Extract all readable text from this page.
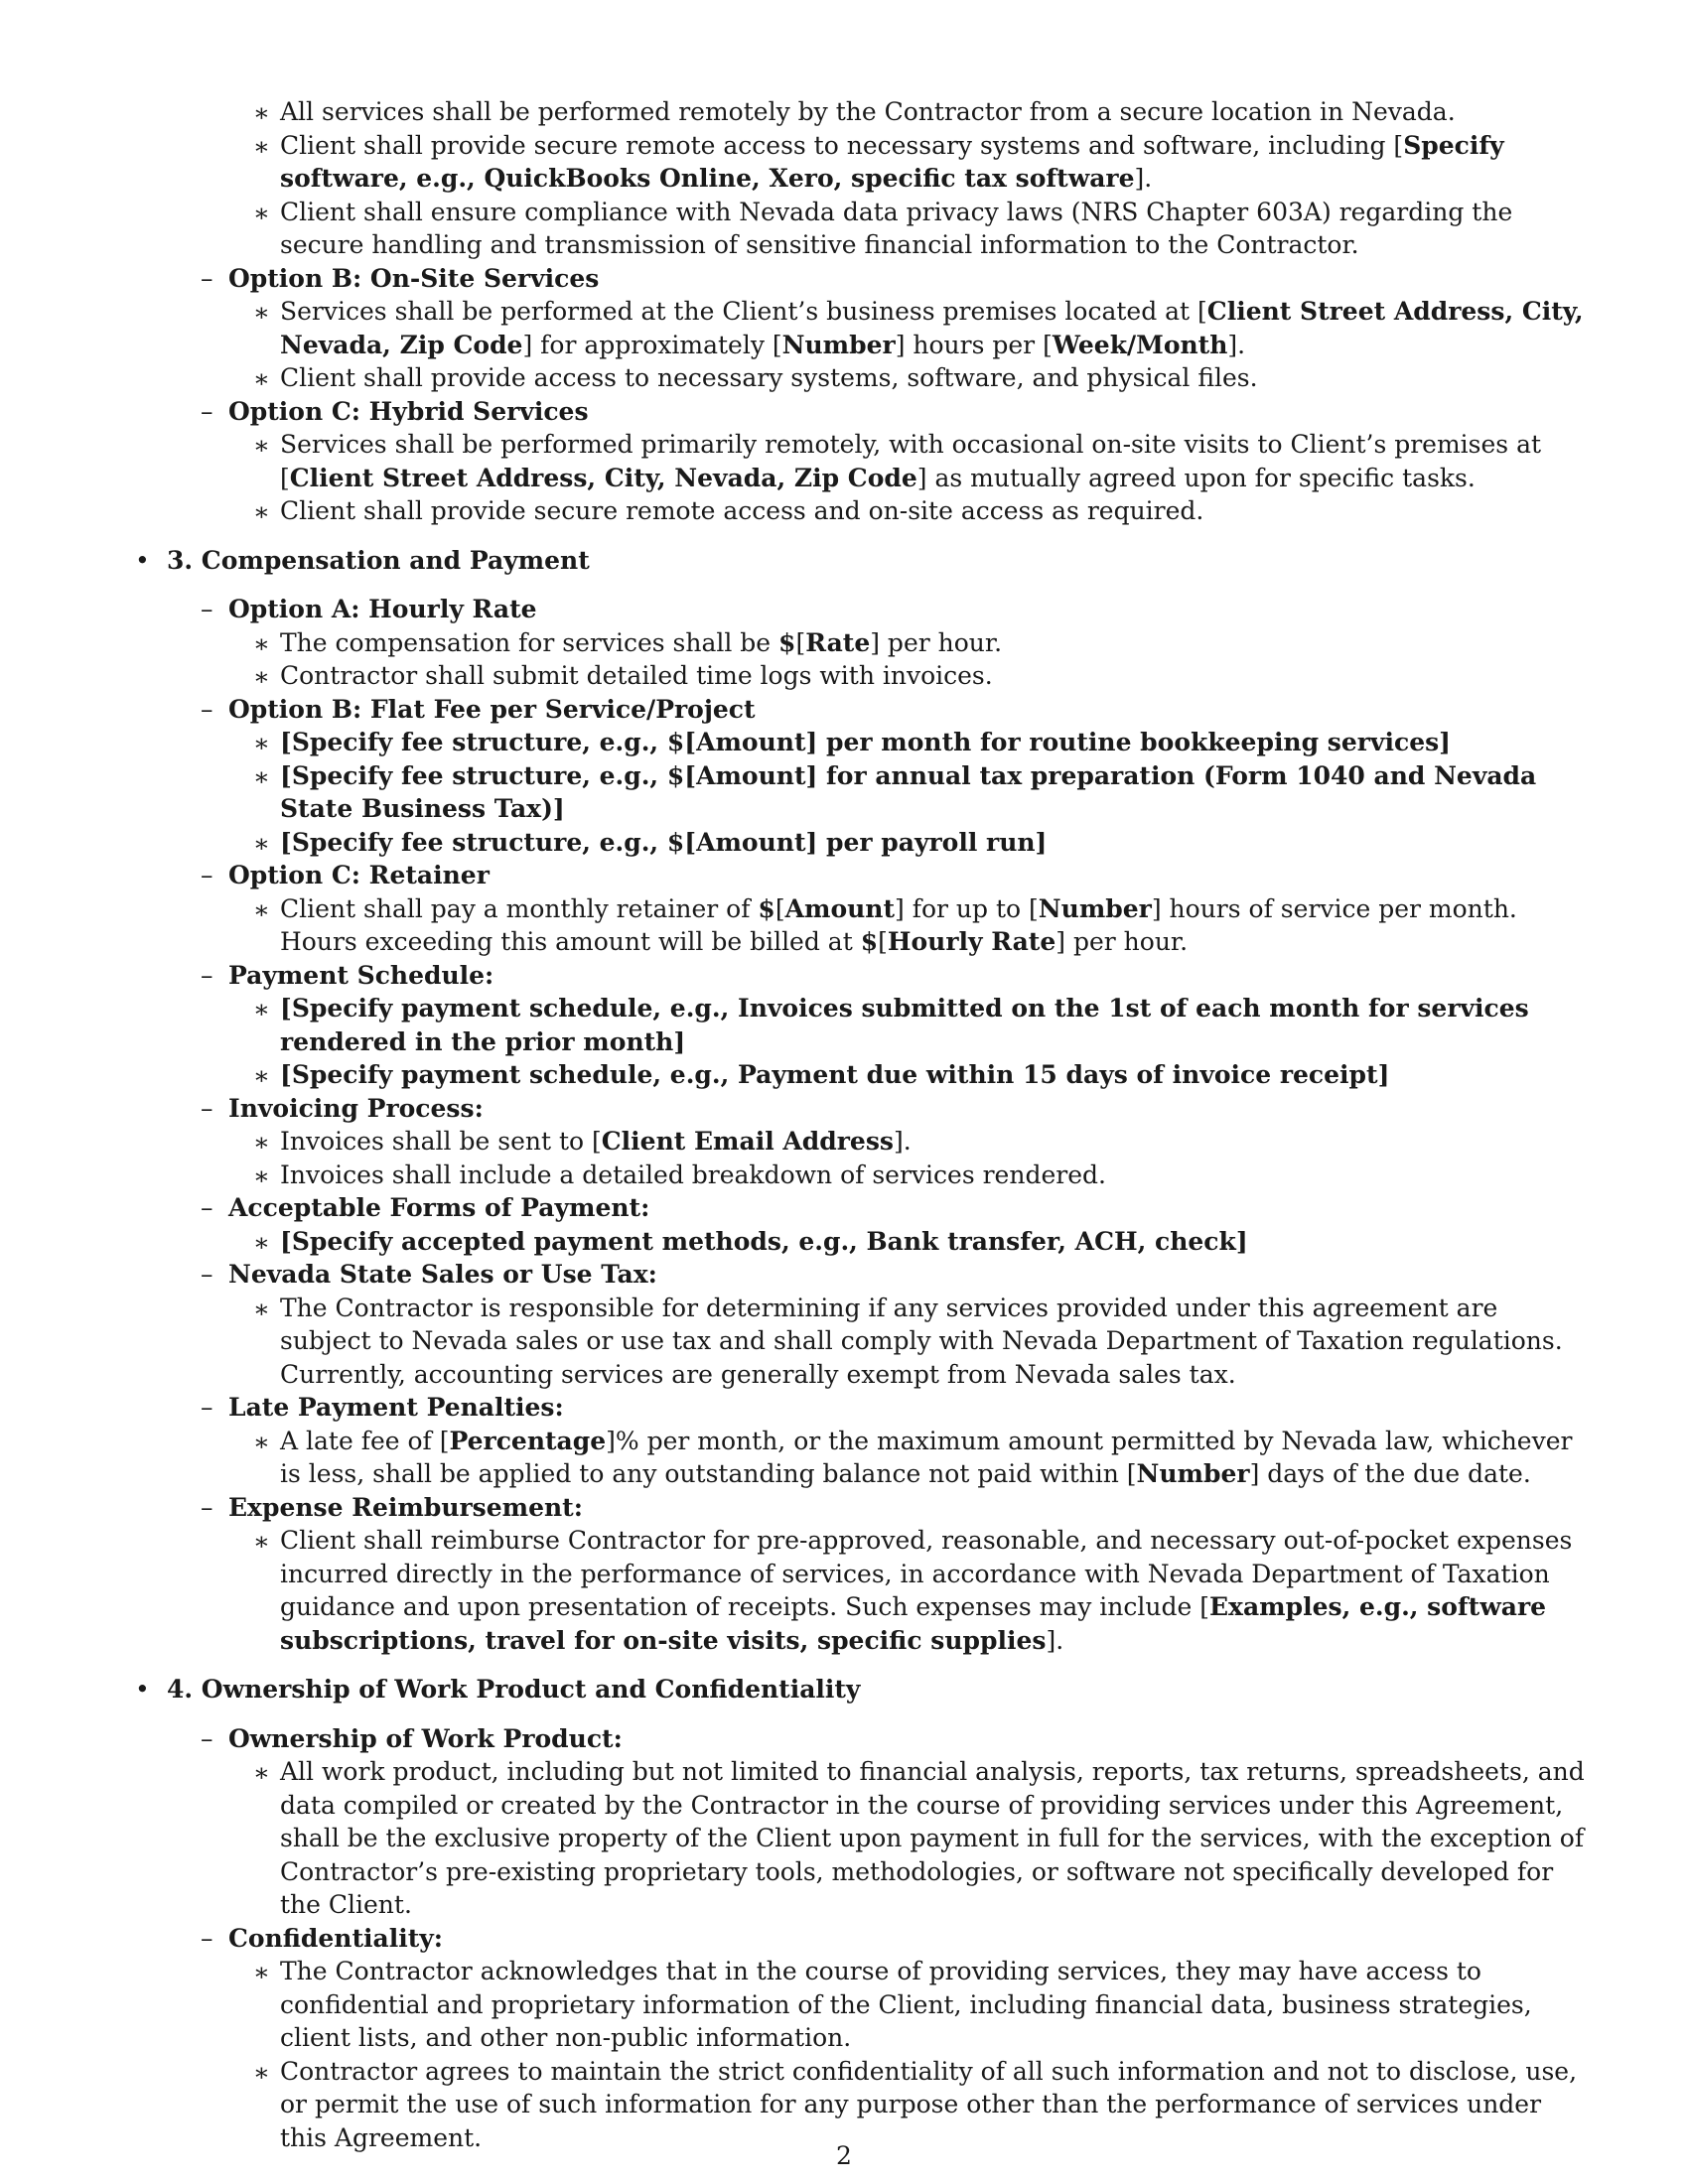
∗ All services shall be performed remotely by the Contractor from a secure location in Nevada.
∗ Client shall provide secure remote access to necessary systems and software, including [Specify software, e.g., QuickBooks Online, Xero, specific tax software].
∗ Client shall ensure compliance with Nevada data privacy laws (NRS Chapter 603A) regarding the secure handling and transmission of sensitive financial information to the Contractor.
– Option B: On-Site Services
∗ Services shall be performed at the Client’s business premises located at [Client Street Address, City, Nevada, Zip Code] for approximately [Number] hours per [Week/Month].
∗ Client shall provide access to necessary systems, software, and physical files.
– Option C: Hybrid Services
∗ Services shall be performed primarily remotely, with occasional on-site visits to Client’s premises at [Client Street Address, City, Nevada, Zip Code] as mutually agreed upon for specific tasks.
∗ Client shall provide secure remote access and on-site access as required.
• 3. Compensation and Payment
– Option A: Hourly Rate
∗ The compensation for services shall be $[Rate] per hour.
∗ Contractor shall submit detailed time logs with invoices.
– Option B: Flat Fee per Service/Project
∗ [Specify fee structure, e.g., $[Amount] per month for routine bookkeeping services]
∗ [Specify fee structure, e.g., $[Amount] for annual tax preparation (Form 1040 and Nevada State Business Tax)]
∗ [Specify fee structure, e.g., $[Amount] per payroll run]
– Option C: Retainer
∗ Client shall pay a monthly retainer of $[Amount] for up to [Number] hours of service per month. Hours exceeding this amount will be billed at $[Hourly Rate] per hour.
– Payment Schedule:
∗ [Specify payment schedule, e.g., Invoices submitted on the 1st of each month for services rendered in the prior month]
∗ [Specify payment schedule, e.g., Payment due within 15 days of invoice receipt]
– Invoicing Process:
∗ Invoices shall be sent to [Client Email Address].
∗ Invoices shall include a detailed breakdown of services rendered.
– Acceptable Forms of Payment:
∗ [Specify accepted payment methods, e.g., Bank transfer, ACH, check]
– Nevada State Sales or Use Tax:
∗ The Contractor is responsible for determining if any services provided under this agreement are subject to Nevada sales or use tax and shall comply with Nevada Department of Taxation regulations. Currently, accounting services are generally exempt from Nevada sales tax.
– Late Payment Penalties:
∗ A late fee of [Percentage]% per month, or the maximum amount permitted by Nevada law, whichever is less, shall be applied to any outstanding balance not paid within [Number] days of the due date.
– Expense Reimbursement:
∗ Client shall reimburse Contractor for pre-approved, reasonable, and necessary out-of-pocket expenses incurred directly in the performance of services, in accordance with Nevada Department of Taxation guidance and upon presentation of receipts. Such expenses may include [Examples, e.g., software subscriptions, travel for on-site visits, specific supplies].
• 4. Ownership of Work Product and Confidentiality
– Ownership of Work Product:
∗ All work product, including but not limited to financial analysis, reports, tax returns, spreadsheets, and data compiled or created by the Contractor in the course of providing services under this Agreement, shall be the exclusive property of the Client upon payment in full for the services, with the exception of Contractor’s pre-existing proprietary tools, methodologies, or software not specifically developed for the Client.
– Confidentiality:
∗ The Contractor acknowledges that in the course of providing services, they may have access to confidential and proprietary information of the Client, including financial data, business strategies, client lists, and other non-public information.
∗ Contractor agrees to maintain the strict confidentiality of all such information and not to disclose, use, or permit the use of such information for any purpose other than the performance of services under this Agreement.
2
